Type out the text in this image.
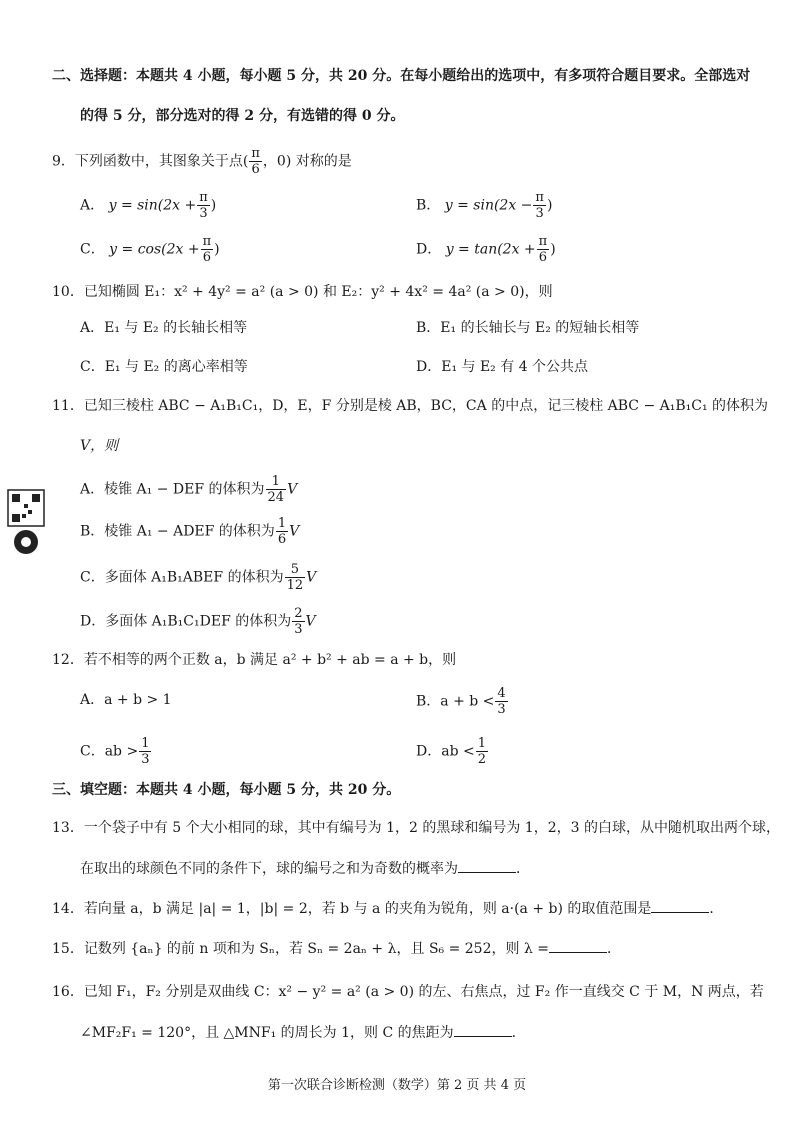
二、选择题：本题共 4 小题，每小题 5 分，共 20 分。在每小题给出的选项中，有多项符合题目要求。全部选对
的得 5 分，部分选对的得 2 分，有选错的得 0 分。
9．下列函数中，其图象关于点( $\frac{\pi}{6}$ ，0) 对称的是
A． $y = \sin(2x + \frac{\pi}{3}$ )	B． $y = \sin(2x - \frac{\pi}{3}$ )
C． $y = \cos(2x + \frac{\pi}{6}$ )	D． $y = \tan(2x + \frac{\pi}{6}$ )
10．已知椭圆 E₁：x² + 4y² = a² (a > 0) 和 E₂：y² + 4x² = 4a² (a > 0)，则
A．E₁ 与 E₂ 的长轴长相等	B．E₁ 的长轴长与 E₂ 的短轴长相等
C．E₁ 与 E₂ 的离心率相等	D．E₁ 与 E₂ 有 4 个公共点
11．已知三棱柱 ABC − A₁B₁C₁，D，E，F 分别是棱 AB，BC，CA 的中点，记三棱柱 ABC − A₁B₁C₁ 的体积为
V，则
A．棱锥 A₁ − DEF 的体积为 $\frac{1}{24}$ V
B．棱锥 A₁ − ADEF 的体积为 $\frac{1}{6}$ V
C．多面体 A₁B₁ABEF 的体积为 $\frac{5}{12}$ V
D．多面体 A₁B₁C₁DEF 的体积为 $\frac{2}{3}$ V
12．若不相等的两个正数 a，b 满足 a² + b² + ab = a + b，则
A．a + b > 1	B．$a + b < \frac{4}{3}$
C．ab > $\frac{1}{3}$	D．ab < $\frac{1}{2}$
三、填空题：本题共 4 小题，每小题 5 分，共 20 分。
13．一个袋子中有 5 个大小相同的球，其中有编号为 1，2 的黑球和编号为 1，2，3 的白球，从中随机取出两个球，
在取出的球颜色不同的条件下，球的编号之和为奇数的概率为	．
14．若向量 a，b 满足 |a| = 1，|b| = 2，若 b 与 a 的夹角为锐角，则 a·(a + b) 的取值范围是	．
15．记数列 {aₙ} 的前 n 项和为 Sₙ，若 Sₙ = 2aₙ + λ，且 S₆ = 252，则 λ =	．
16．已知 F₁，F₂ 分别是双曲线 C：x² − y² = a² (a > 0) 的左、右焦点，过 F₂ 作一直线交 C 于 M，N 两点，若
∠MF₂F₁ = 120°，且 △MNF₁ 的周长为 1，则 C 的焦距为	．
第一次联合诊断检测（数学）第 2 页 共 4 页
